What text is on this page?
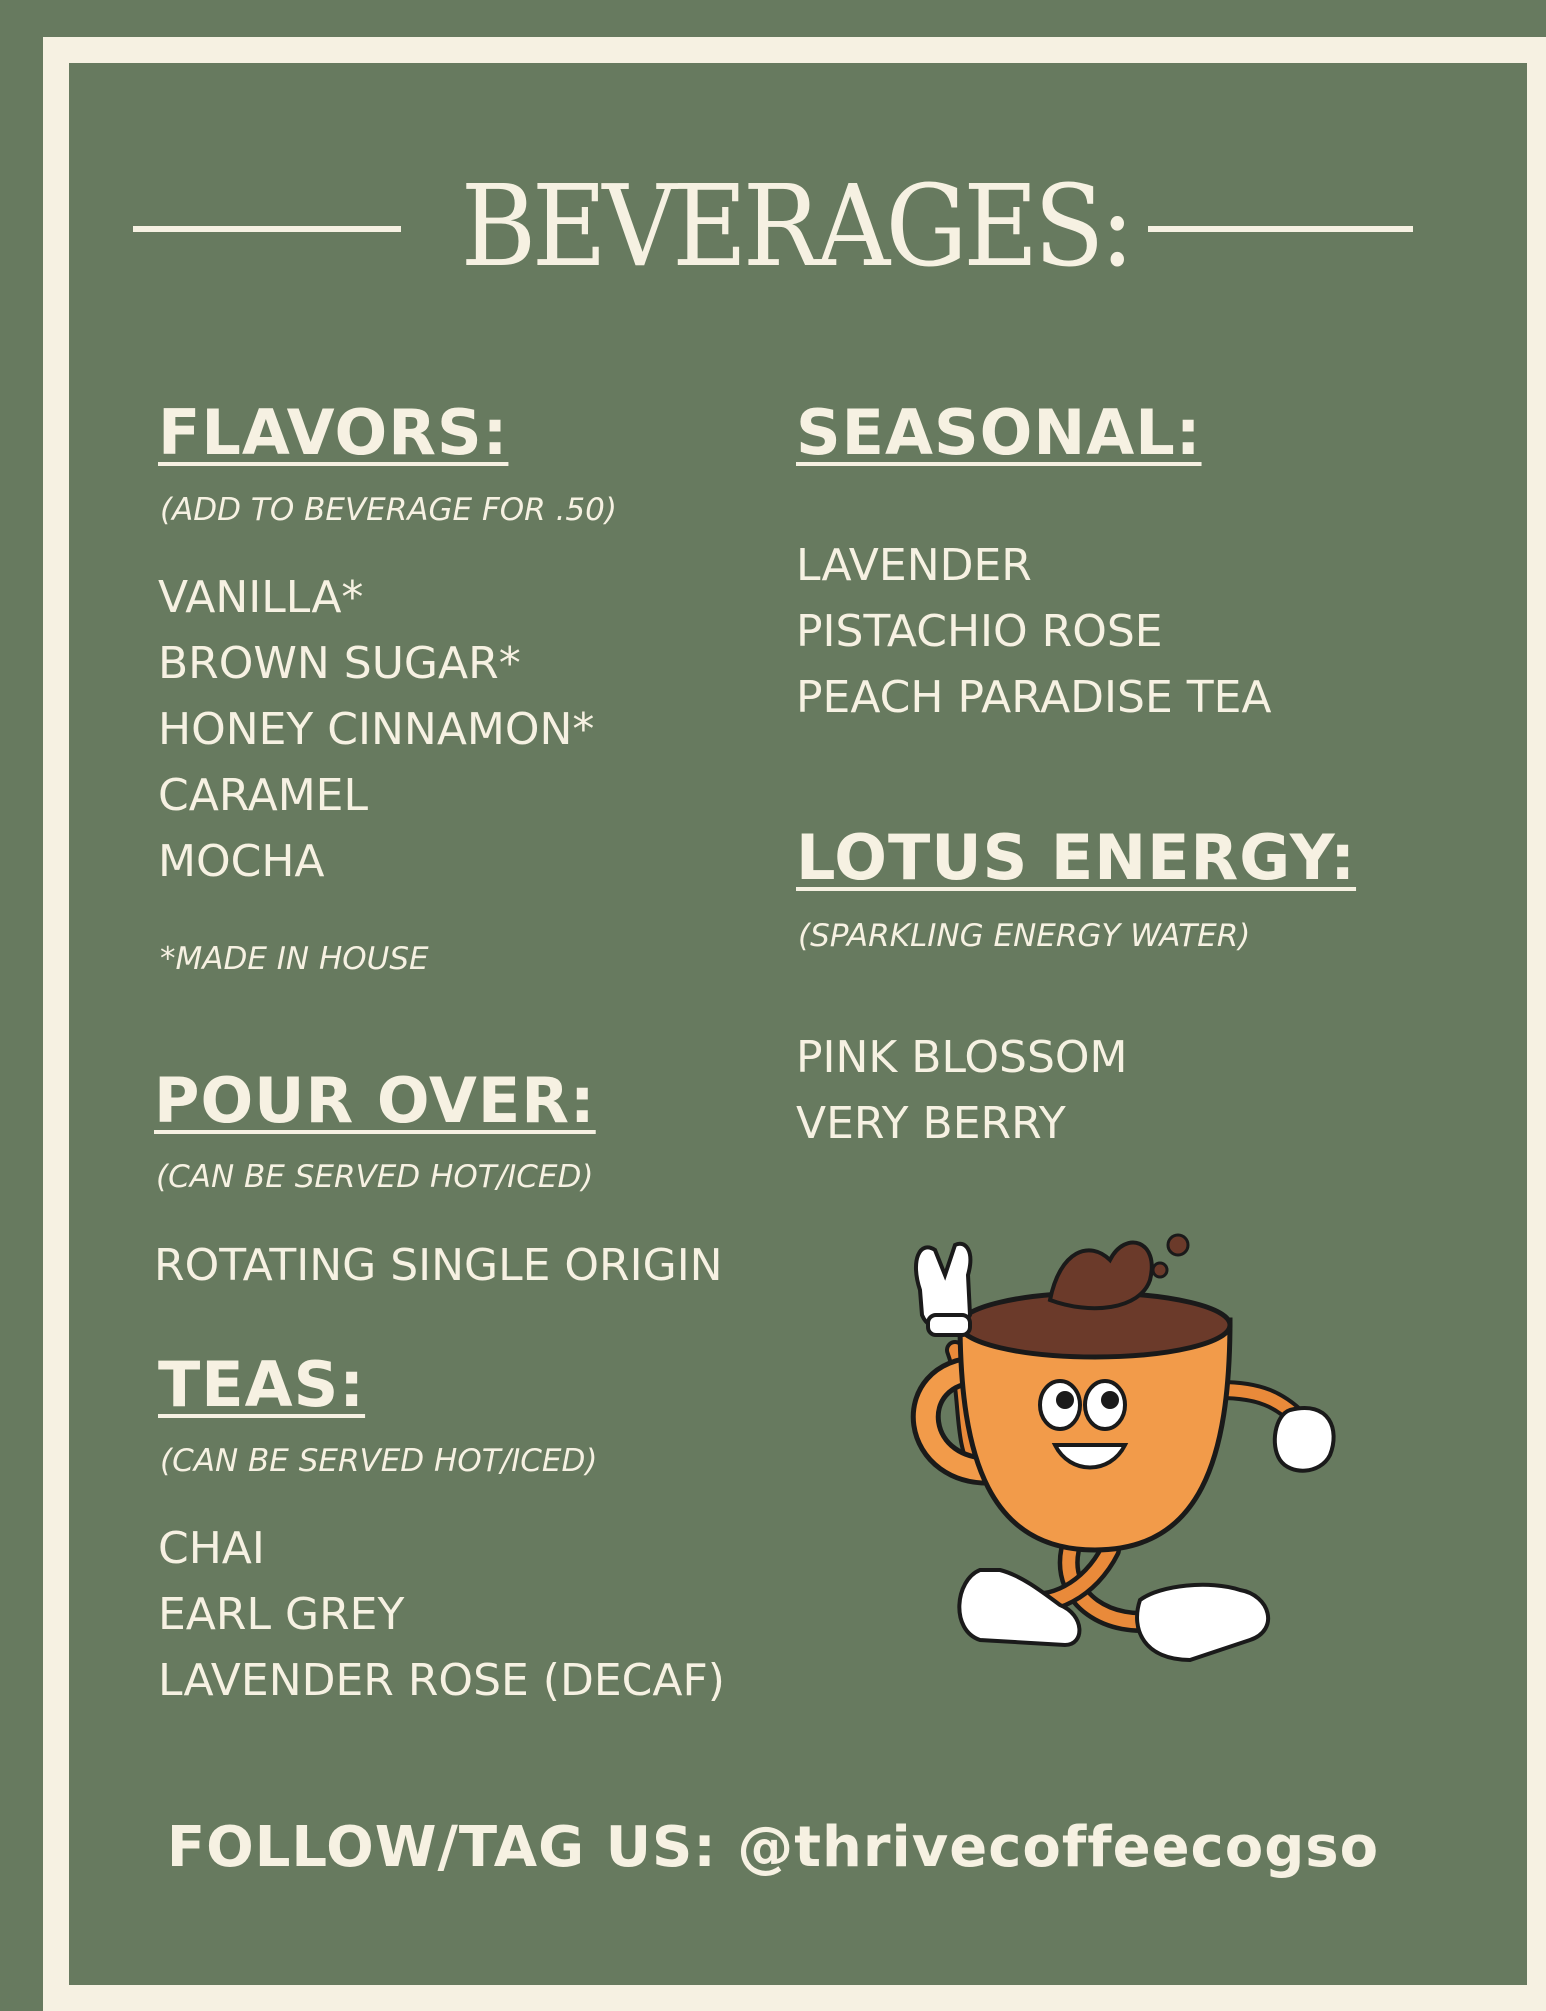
BEVERAGES:
FLAVORS:
(ADD TO BEVERAGE FOR .50)
VANILLA*
BROWN SUGAR*
HONEY CINNAMON*
CARAMEL
MOCHA
*MADE IN HOUSE
POUR OVER:
(CAN BE SERVED HOT/ICED)
ROTATING SINGLE ORIGIN
TEAS:
(CAN BE SERVED HOT/ICED)
CHAI
EARL GREY
LAVENDER ROSE (DECAF)
SEASONAL:
LAVENDER
PISTACHIO ROSE
PEACH PARADISE TEA
LOTUS ENERGY:
(SPARKLING ENERGY WATER)
PINK BLOSSOM
VERY BERRY
FOLLOW/TAG US: @thrivecoffeecogso
